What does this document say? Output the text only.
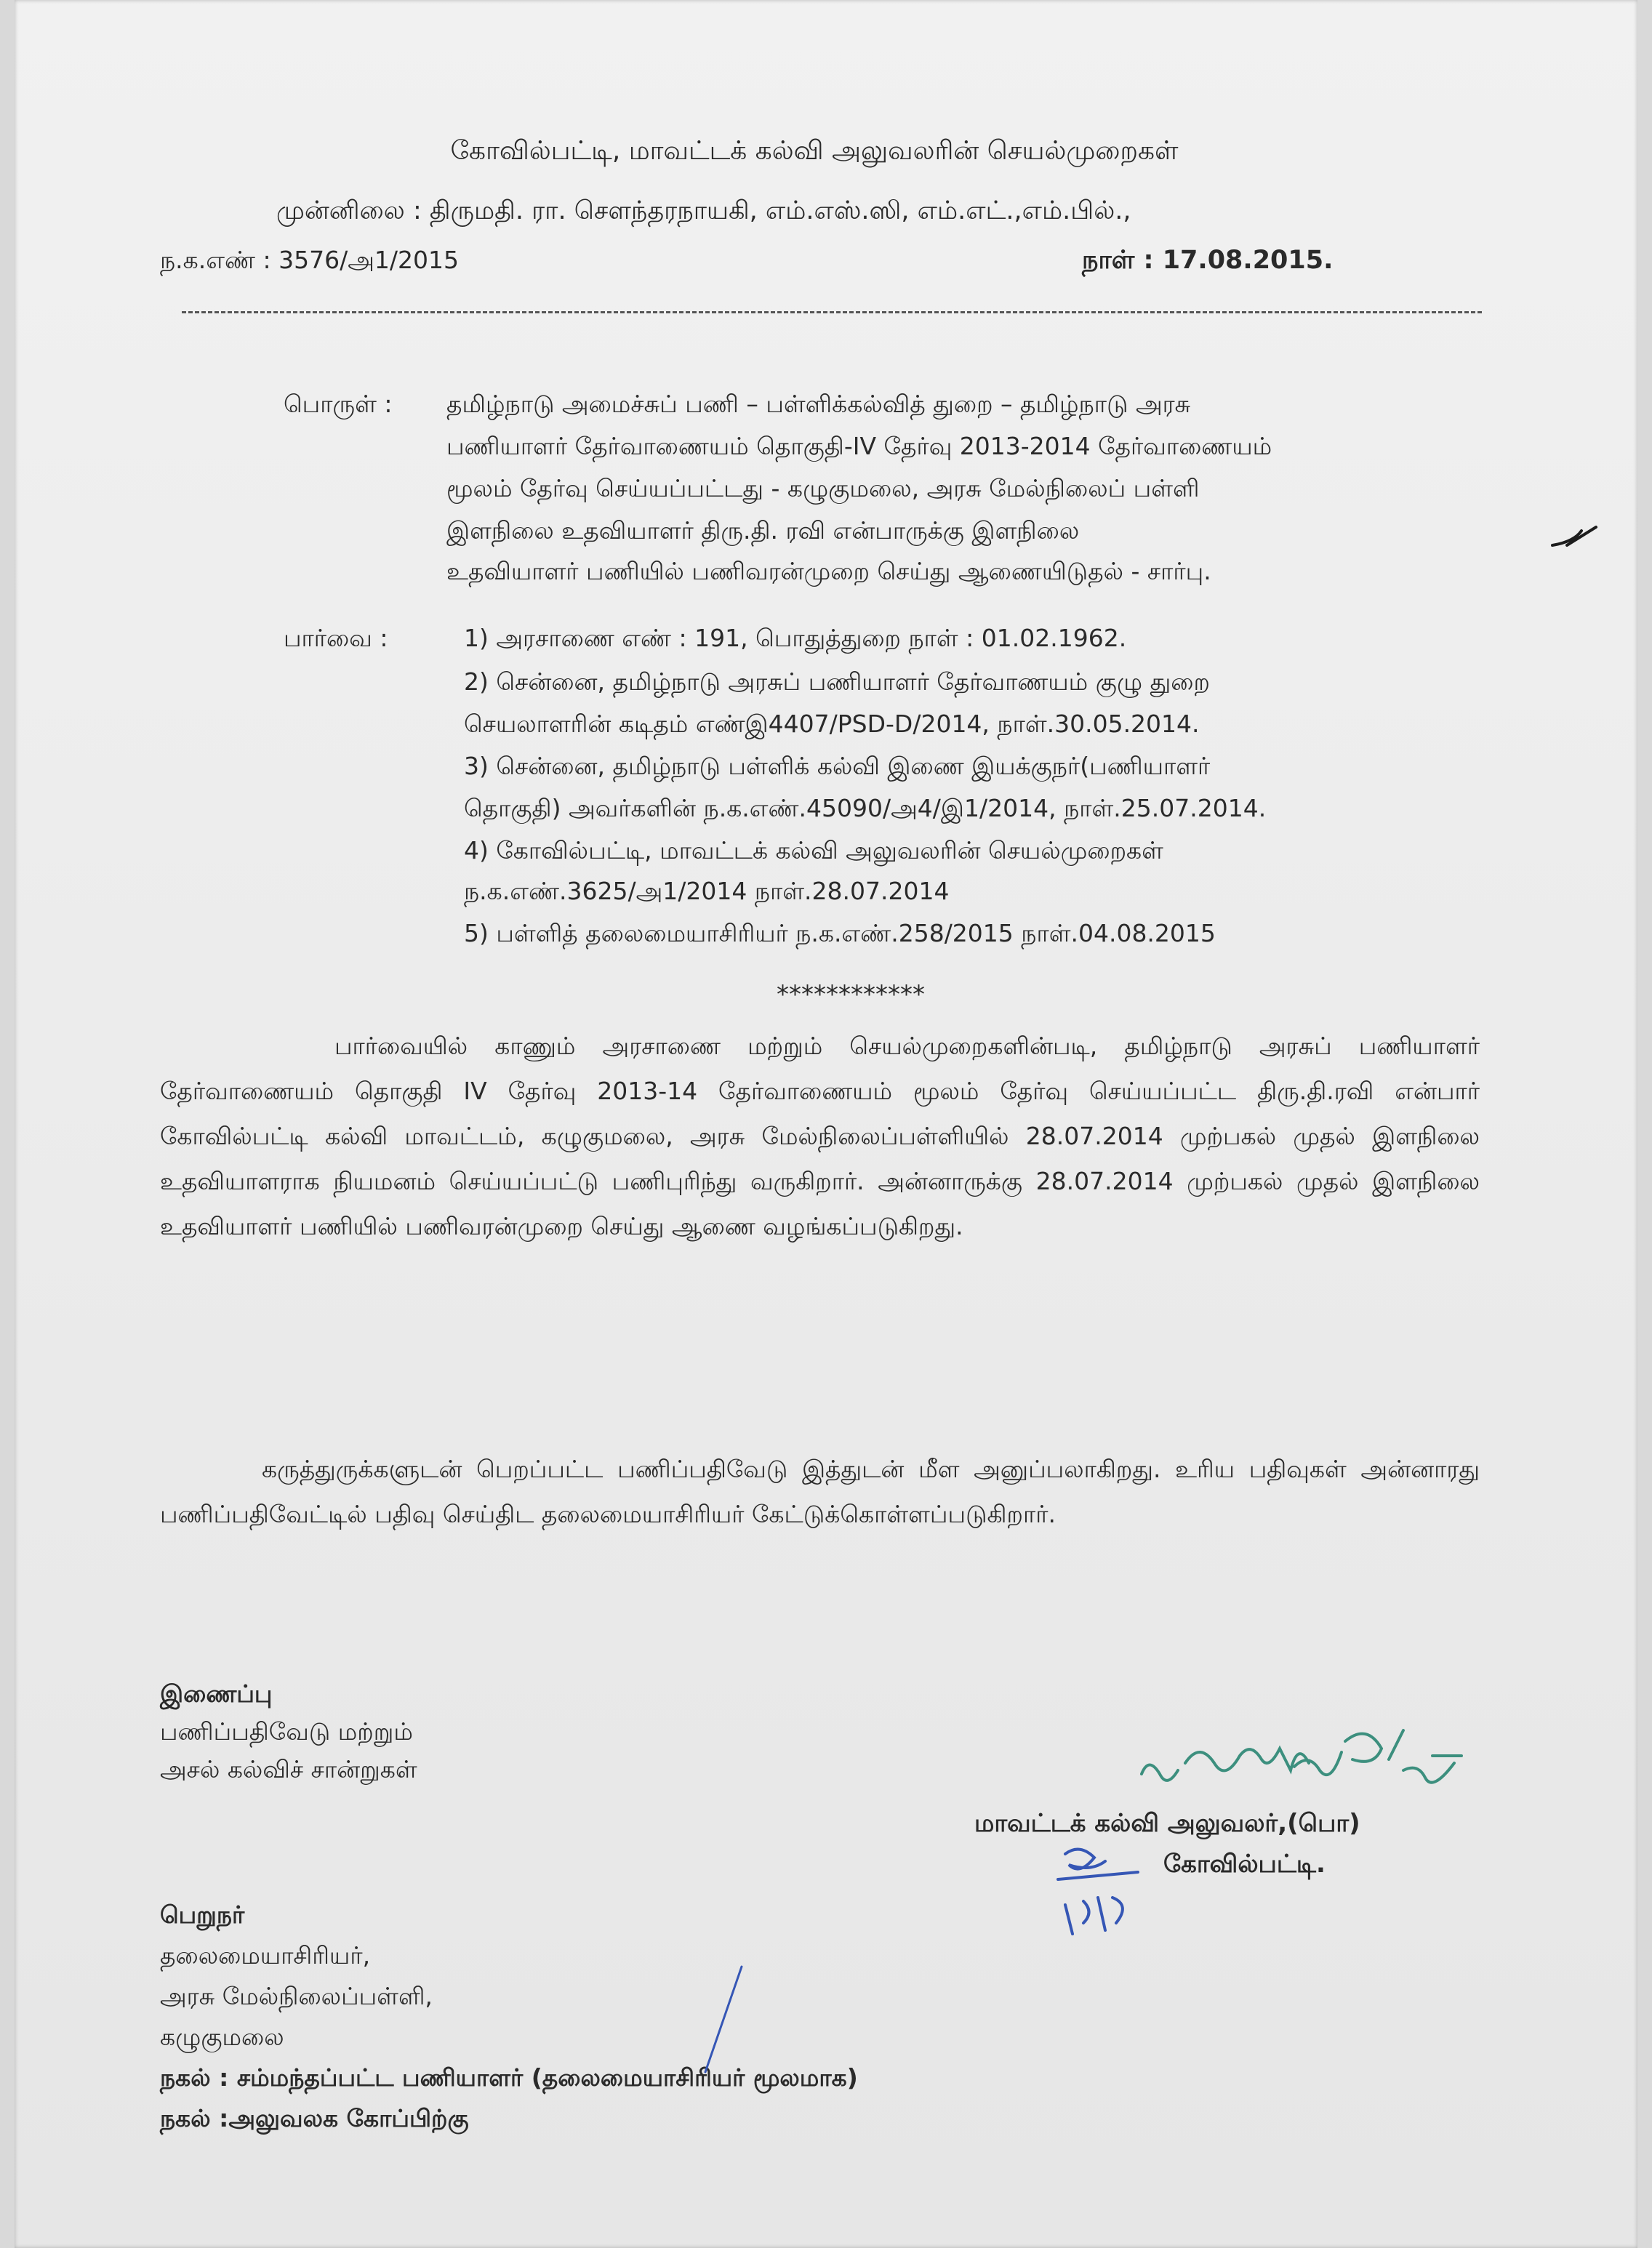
கோவில்பட்டி, மாவட்டக் கல்வி அலுவலரின் செயல்முறைகள்
முன்னிலை : திருமதி. ரா. சௌந்தரநாயகி, எம்.எஸ்.ஸி, எம்.எட்.,எம்.பில்.,
ந.க.எண் : 3576/அ1/2015	நாள் : 17.08.2015.
பொருள் : தமிழ்நாடு அமைச்சுப் பணி – பள்ளிக்கல்வித் துறை – தமிழ்நாடு அரசு
பணியாளர் தேர்வாணையம் தொகுதி-IV தேர்வு 2013-2014 தேர்வாணையம்
மூலம் தேர்வு செய்யப்பட்டது - கழுகுமலை, அரசு மேல்நிலைப் பள்ளி
இளநிலை உதவியாளர் திரு.தி. ரவி என்பாருக்கு இளநிலை
உதவியாளர் பணியில் பணிவரன்முறை செய்து ஆணையிடுதல் - சார்பு.
பார்வை :	1) அரசாணை எண் : 191, பொதுத்துறை நாள் : 01.02.1962.
2) சென்னை, தமிழ்நாடு அரசுப் பணியாளர் தேர்வாணயம் குழு துறை
செயலாளரின் கடிதம் எண்இ4407/PSD-D/2014, நாள்.30.05.2014.
3) சென்னை, தமிழ்நாடு பள்ளிக் கல்வி இணை இயக்குநர்(பணியாளர்
தொகுதி) அவர்களின் ந.க.எண்.45090/அ4/இ1/2014, நாள்.25.07.2014.
4) கோவில்பட்டி, மாவட்டக் கல்வி அலுவலரின் செயல்முறைகள்
ந.க.எண்.3625/அ1/2014 நாள்.28.07.2014
5) பள்ளித் தலைமையாசிரியர் ந.க.எண்.258/2015 நாள்.04.08.2015
************
பார்வையில் காணும் அரசாணை மற்றும் செயல்முறைகளின்படி, தமிழ்நாடு அரசுப் பணியாளர் தேர்வாணையம் தொகுதி IV தேர்வு 2013-14 தேர்வாணையம் மூலம் தேர்வு செய்யப்பட்ட திரு.தி.ரவி என்பார் கோவில்பட்டி கல்வி மாவட்டம், கழுகுமலை, அரசு மேல்நிலைப்பள்ளியில் 28.07.2014 முற்பகல் முதல் இளநிலை உதவியாளராக நியமனம் செய்யப்பட்டு பணிபுரிந்து வருகிறார். அன்னாருக்கு 28.07.2014 முற்பகல் முதல் இளநிலை உதவியாளர் பணியில் பணிவரன்முறை செய்து ஆணை வழங்கப்படுகிறது.
கருத்துருக்களுடன் பெறப்பட்ட பணிப்பதிவேடு இத்துடன் மீள அனுப்பலாகிறது. உரிய பதிவுகள் அன்னாரது பணிப்பதிவேட்டில் பதிவு செய்திட தலைமையாசிரியர் கேட்டுக்கொள்ளப்படுகிறார்.
இணைப்பு
பணிப்பதிவேடு மற்றும்
அசல் கல்விச் சான்றுகள்
மாவட்டக் கல்வி அலுவலர்,(பொ)
கோவில்பட்டி.
பெறுநர்
தலைமையாசிரியர்,
அரசு மேல்நிலைப்பள்ளி,
கழுகுமலை
நகல் : சம்மந்தப்பட்ட பணியாளர் (தலைமையாசிரியர் மூலமாக)
நகல் :அலுவலக கோப்பிற்கு
